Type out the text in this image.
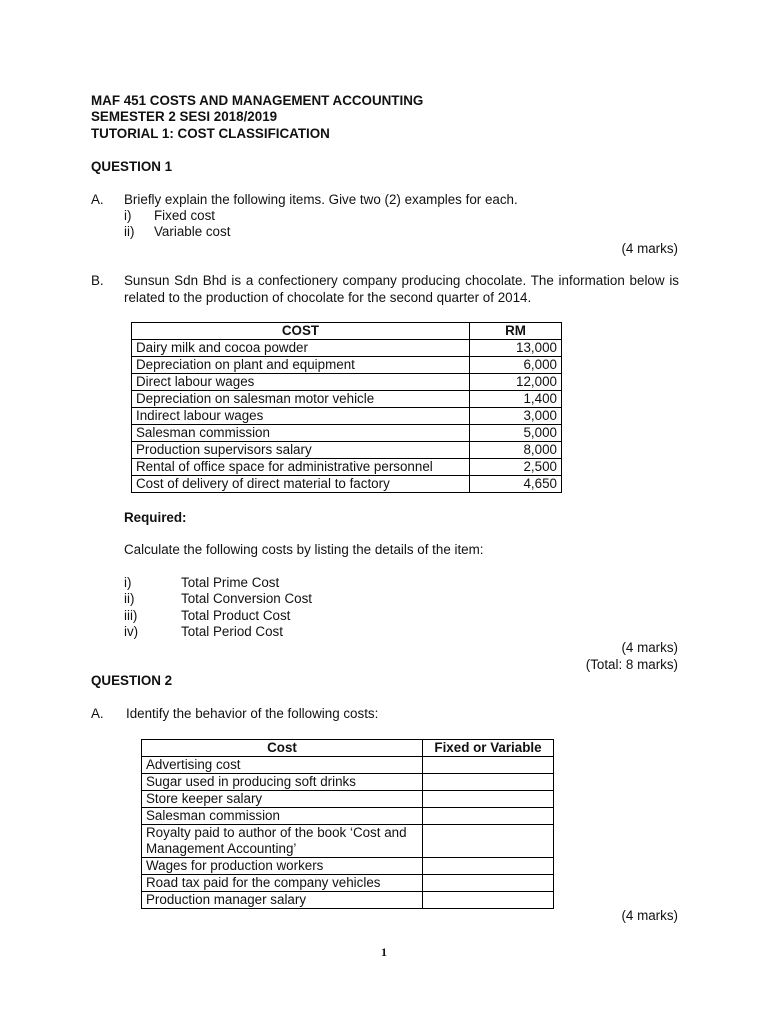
MAF 451 COSTS AND MANAGEMENT ACCOUNTING
SEMESTER 2 SESI 2018/2019
TUTORIAL 1: COST CLASSIFICATION
QUESTION 1
A. Briefly explain the following items. Give two (2) examples for each.
i) Fixed cost
ii) Variable cost
(4 marks)
B. Sunsun Sdn Bhd is a confectionery company producing chocolate. The information below is related to the production of chocolate for the second quarter of 2014.
COST	RM
Dairy milk and cocoa powder	13,000
Depreciation on plant and equipment	6,000
Direct labour wages	12,000
Depreciation on salesman motor vehicle	1,400
Indirect labour wages	3,000
Salesman commission	5,000
Production supervisors salary	8,000
Rental of office space for administrative personnel	2,500
Cost of delivery of direct material to factory	4,650
Required:
Calculate the following costs by listing the details of the item:
i)	Total Prime Cost
ii)	Total Conversion Cost
iii)	Total Product Cost
iv)	Total Period Cost
(4 marks)
(Total: 8 marks)
QUESTION 2
A. Identify the behavior of the following costs:
Cost	Fixed or Variable
Advertising cost	
Sugar used in producing soft drinks	
Store keeper salary	
Salesman commission	
Royalty paid to author of the book ‘Cost and Management Accounting’	
Wages for production workers	
Road tax paid for the company vehicles	
Production manager salary	
(4 marks)
1
